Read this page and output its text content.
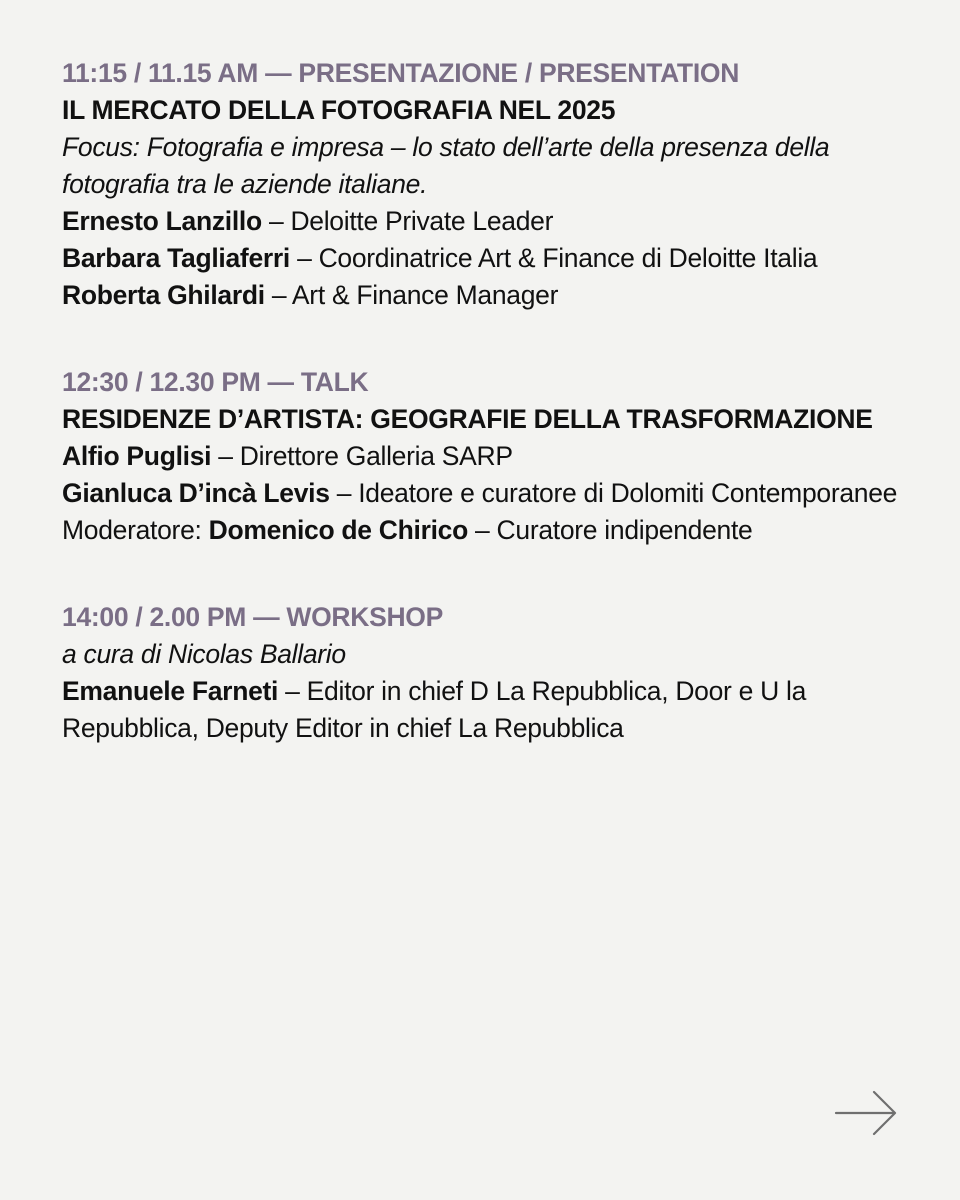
11:15 / 11.15 AM — PRESENTAZIONE / PRESENTATION
IL MERCATO DELLA FOTOGRAFIA NEL 2025
Focus: Fotografia e impresa – lo stato dell’arte della presenza della fotografia tra le aziende italiane.
Ernesto Lanzillo – Deloitte Private Leader
Barbara Tagliaferri – Coordinatrice Art & Finance di Deloitte Italia
Roberta Ghilardi – Art & Finance Manager
12:30 / 12.30 PM — TALK
RESIDENZE D’ARTISTA: GEOGRAFIE DELLA TRASFORMAZIONE
Alfio Puglisi – Direttore Galleria SARP
Gianluca D’incà Levis – Ideatore e curatore di Dolomiti Contemporanee
Moderatore: Domenico de Chirico – Curatore indipendente
14:00 / 2.00 PM — WORKSHOP
a cura di Nicolas Ballario
Emanuele Farneti – Editor in chief D La Repubblica, Door e U la Repubblica, Deputy Editor in chief La Repubblica
